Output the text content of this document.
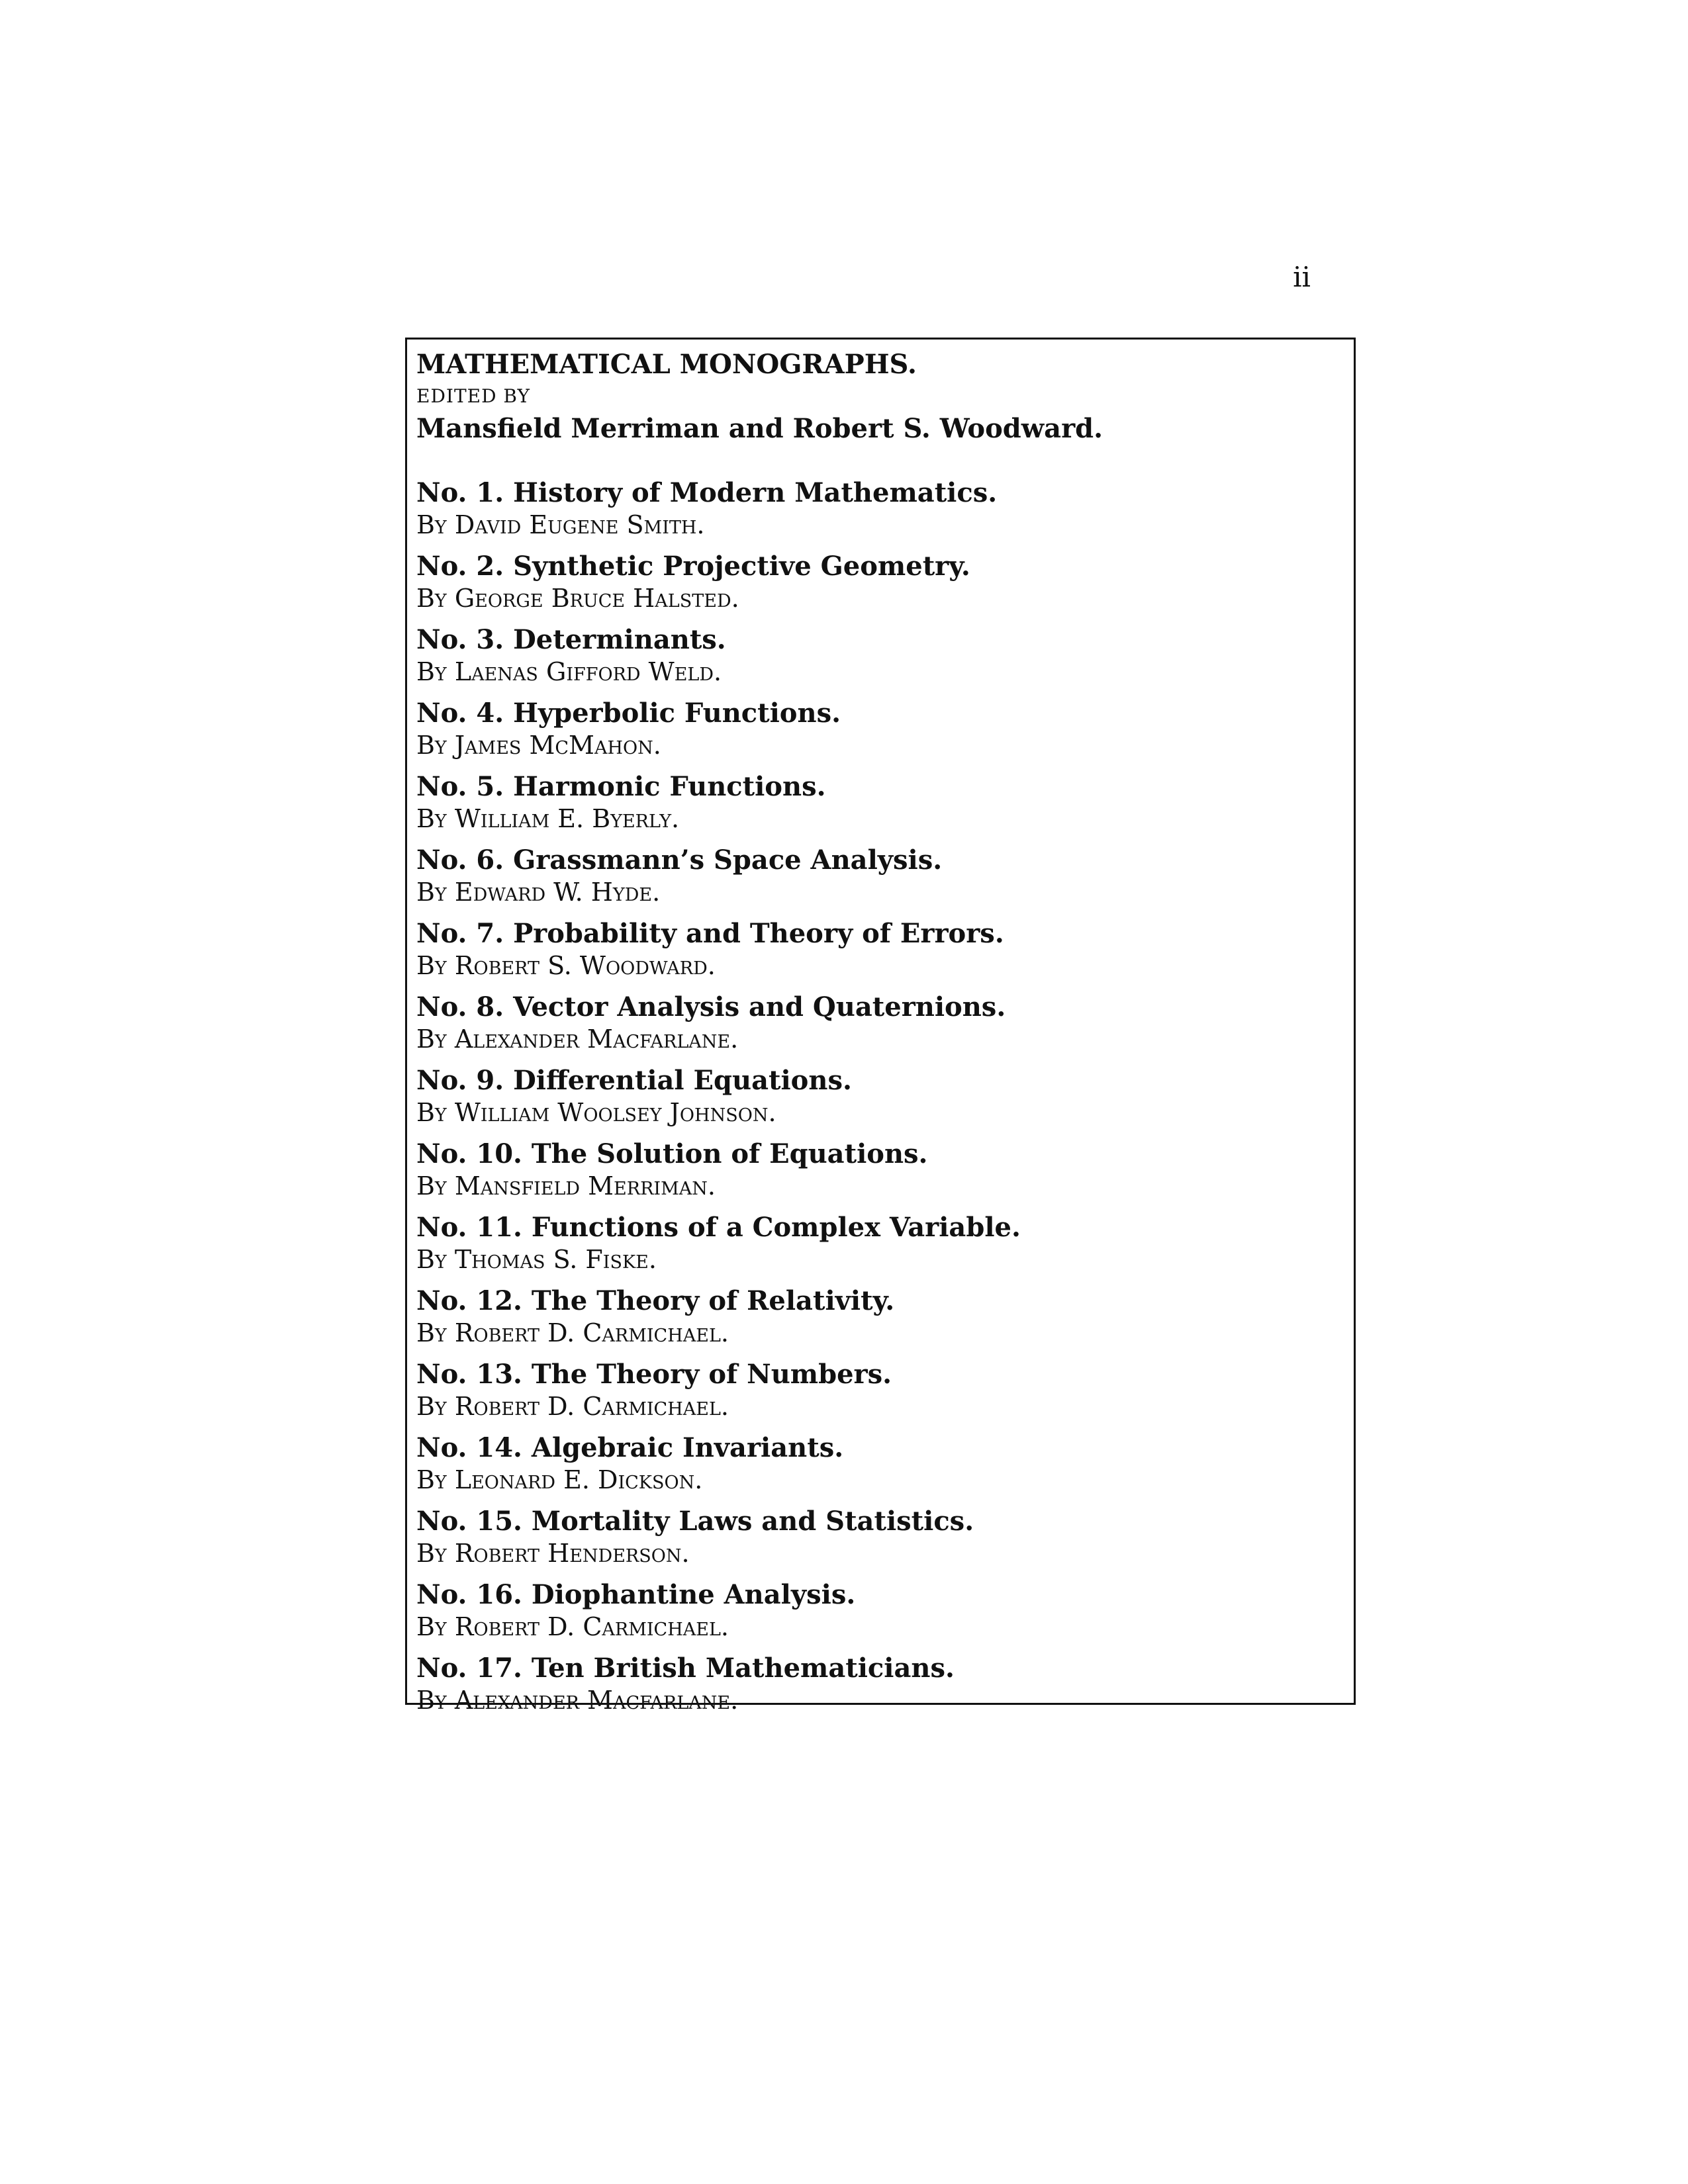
ii
MATHEMATICAL MONOGRAPHS.
EDITED BY
Mansfield Merriman and Robert S. Woodward.
No. 1. History of Modern Mathematics.
By David Eugene Smith.
No. 2. Synthetic Projective Geometry.
By George Bruce Halsted.
No. 3. Determinants.
By Laenas Gifford Weld.
No. 4. Hyperbolic Functions.
By James McMahon.
No. 5. Harmonic Functions.
By William E. Byerly.
No. 6. Grassmann’s Space Analysis.
By Edward W. Hyde.
No. 7. Probability and Theory of Errors.
By Robert S. Woodward.
No. 8. Vector Analysis and Quaternions.
By Alexander Macfarlane.
No. 9. Differential Equations.
By William Woolsey Johnson.
No. 10. The Solution of Equations.
By Mansfield Merriman.
No. 11. Functions of a Complex Variable.
By Thomas S. Fiske.
No. 12. The Theory of Relativity.
By Robert D. Carmichael.
No. 13. The Theory of Numbers.
By Robert D. Carmichael.
No. 14. Algebraic Invariants.
By Leonard E. Dickson.
No. 15. Mortality Laws and Statistics.
By Robert Henderson.
No. 16. Diophantine Analysis.
By Robert D. Carmichael.
No. 17. Ten British Mathematicians.
By Alexander Macfarlane.
